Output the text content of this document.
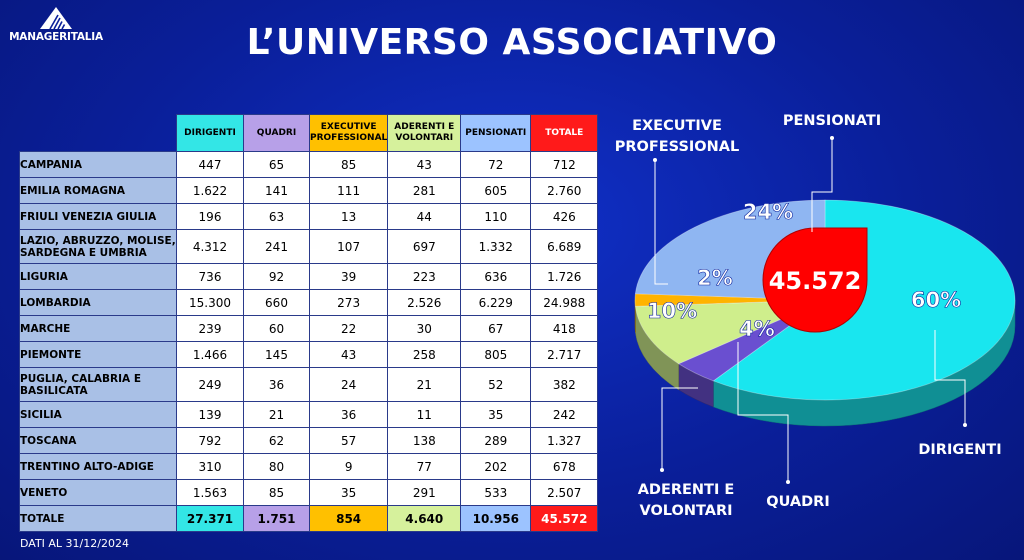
MANAGERITALIA	L’UNIVERSO ASSOCIATIVO
	DIRIGENTI	QUADRI	EXECUTIVE PROFESSIONAL	ADERENTI E VOLONTARI	PENSIONATI	TOTALE
CAMPANIA	447	65	85	43	72	712
EMILIA ROMAGNA	1.622	141	111	281	605	2.760
FRIULI VENEZIA GIULIA	196	63	13	44	110	426
LAZIO, ABRUZZO, MOLISE, SARDEGNA E UMBRIA	4.312	241	107	697	1.332	6.689
LIGURIA	736	92	39	223	636	1.726
LOMBARDIA	15.300	660	273	2.526	6.229	24.988
MARCHE	239	60	22	30	67	418
PIEMONTE	1.466	145	43	258	805	2.717
PUGLIA, CALABRIA E BASILICATA	249	36	24	21	52	382
SICILIA	139	21	36	11	35	242
TOSCANA	792	62	57	138	289	1.327
TRENTINO ALTO-ADIGE	310	80	9	77	202	678
VENETO	1.563	85	35	291	533	2.507
TOTALE	27.371	1.751	854	4.640	10.956	45.572
DATI AL 31/12/2024
45.572
60%
4%
10%
2%
24%
DIRIGENTI
QUADRI
ADERENTI E
VOLONTARI
EXECUTIVE
PROFESSIONAL
PENSIONATI
